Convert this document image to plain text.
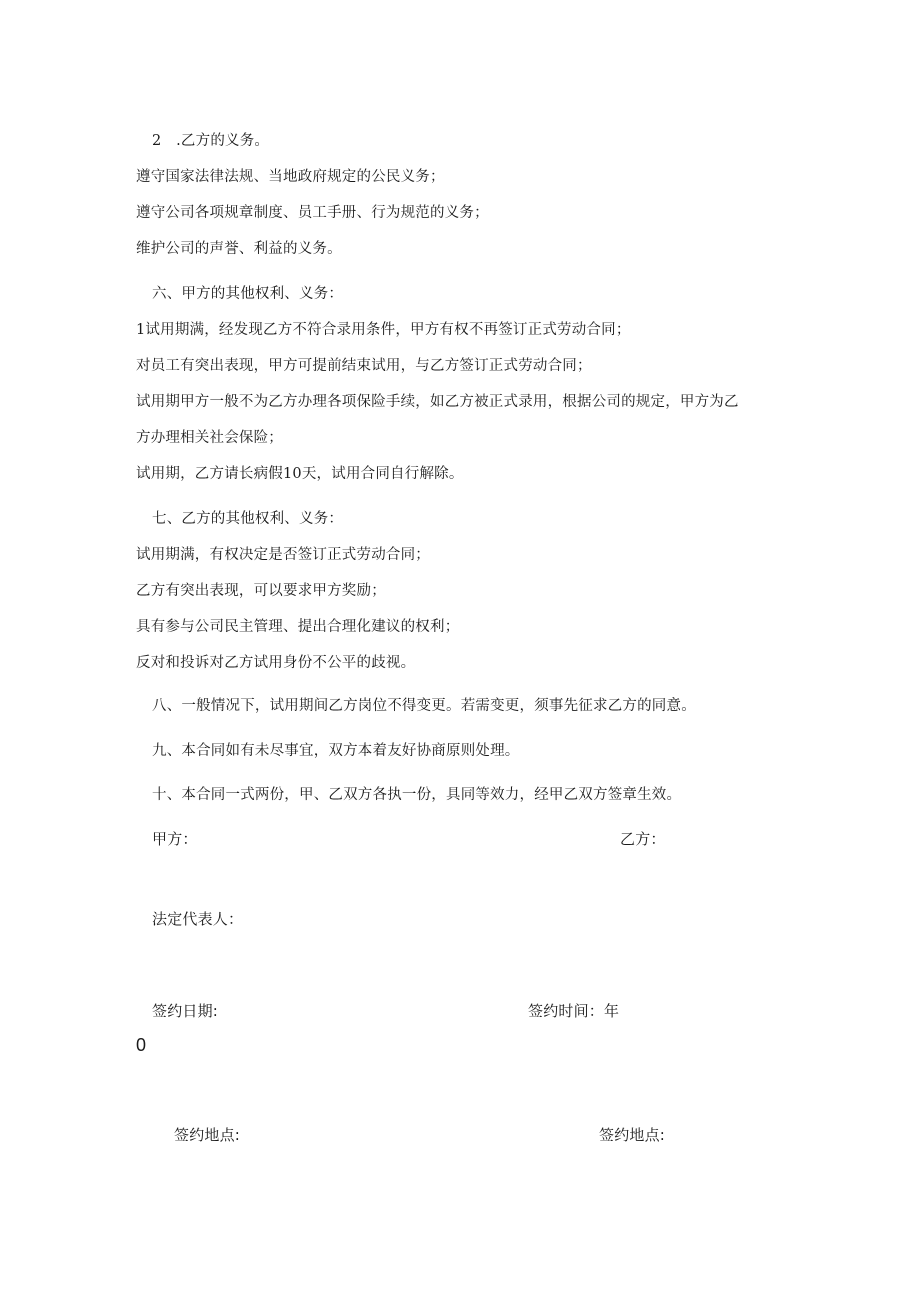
2　.乙方的义务。
遵守国家法律法规、当地政府规定的公民义务；
遵守公司各项规章制度、员工手册、行为规范的义务；
维护公司的声誉、利益的义务。
六、甲方的其他权利、义务：
1试用期满，经发现乙方不符合录用条件，甲方有权不再签订正式劳动合同；
对员工有突出表现，甲方可提前结束试用，与乙方签订正式劳动合同；
试用期甲方一般不为乙方办理各项保险手续，如乙方被正式录用，根据公司的规定，甲方为乙
方办理相关社会保险；
试用期，乙方请长病假10天，试用合同自行解除。
七、乙方的其他权利、义务：
试用期满，有权决定是否签订正式劳动合同；
乙方有突出表现，可以要求甲方奖励；
具有参与公司民主管理、提出合理化建议的权利；
反对和投诉对乙方试用身份不公平的歧视。
八、一般情况下，试用期间乙方岗位不得变更。若需变更，须事先征求乙方的同意。
九、本合同如有未尽事宜，双方本着友好协商原则处理。
十、本合同一式两份，甲、乙双方各执一份，具同等效力，经甲乙双方签章生效。
甲方：	乙方：
法定代表人：
签约日期:	签约时间：年
0
签约地点:	签约地点:
